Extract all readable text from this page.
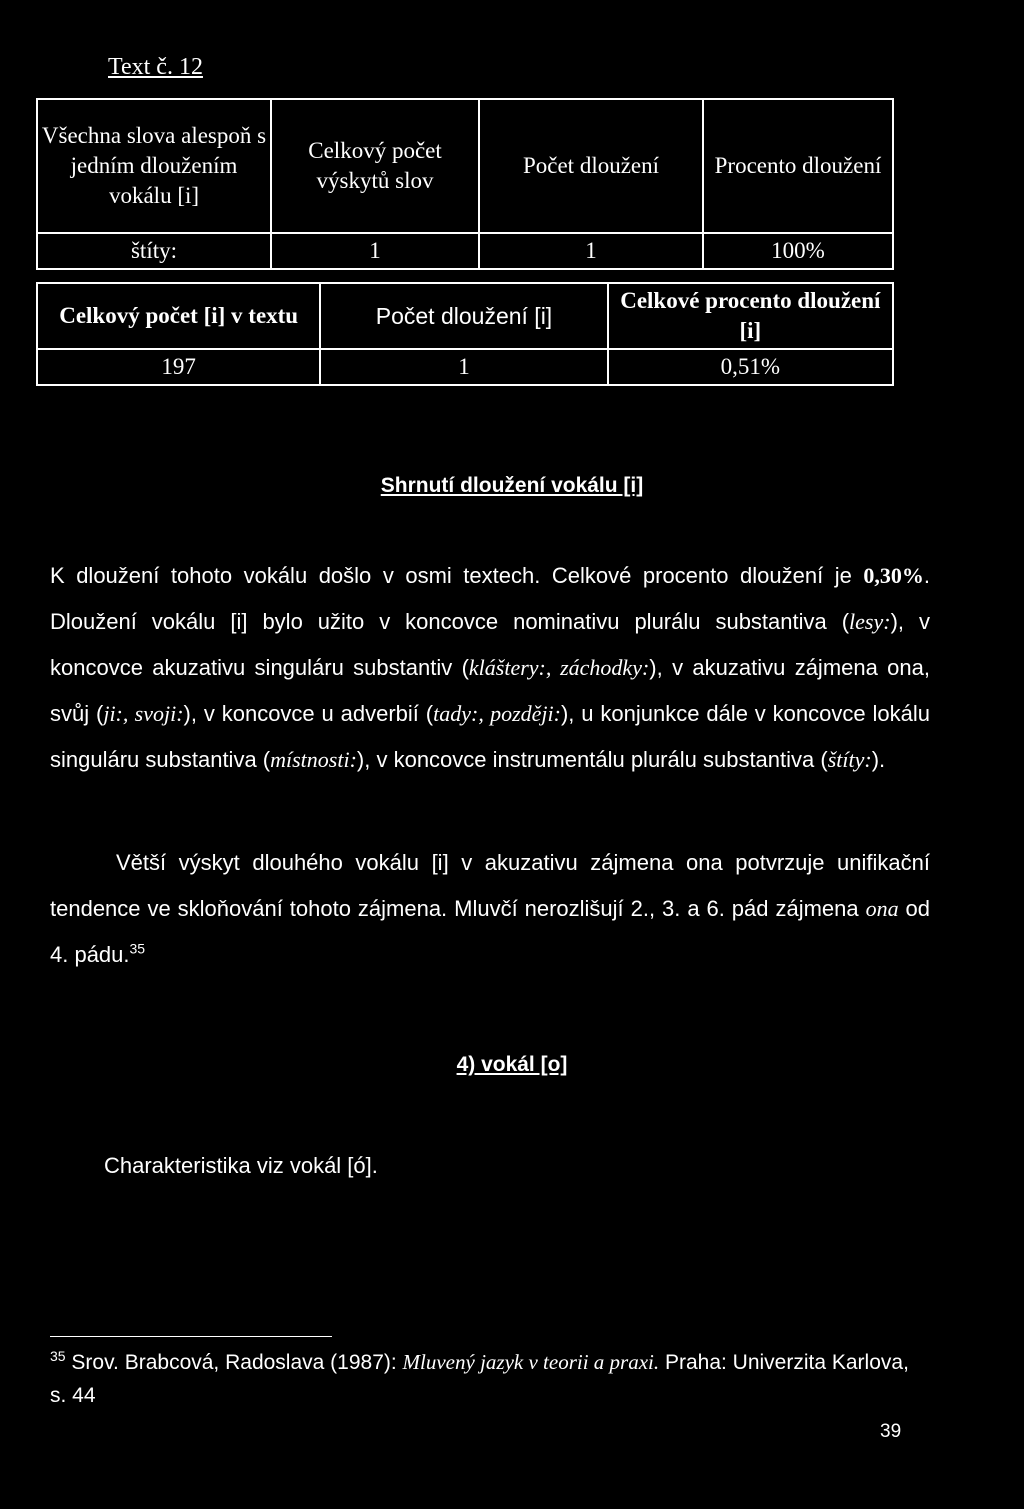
Text č. 12
Všechna slova alespoň s jedním dloužením vokálu [i]	Celkový počet výskytů slov	Počet dloužení	Procento dloužení
štíty:	1	1	100%
Celkový počet [i] v textu	Počet dloužení [i]	Celkové procento dloužení [i]
197	1	0,51%
Shrnutí dloužení vokálu [i]
K dloužení tohoto vokálu došlo v osmi textech. Celkové procento dloužení je 0,30%. Dloužení vokálu [i] bylo užito v koncovce nominativu plurálu substantiva (lesy:), v koncovce akuzativu singuláru substantiv (kláštery:, záchodky:), v akuzativu zájmena ona, svůj (ji:, svoji:), v koncovce u adverbií (tady:, později:), u konjunkce dále v koncovce lokálu singuláru substantiva (místnosti:), v koncovce instrumentálu plurálu substantiva (štíty:).
Větší výskyt dlouhého vokálu [i] v akuzativu zájmena ona potvrzuje unifikační tendence ve skloňování tohoto zájmena. Mluvčí nerozlišují 2., 3. a 6. pád zájmena ona od 4. pádu.$^{35}$
4) vokál [o]
Charakteristika viz vokál [ó].
$^{35}$ Srov. Brabcová, Radoslava (1987): Mluvený jazyk v teorii a praxi. Praha: Univerzita Karlova, s. 44
39
